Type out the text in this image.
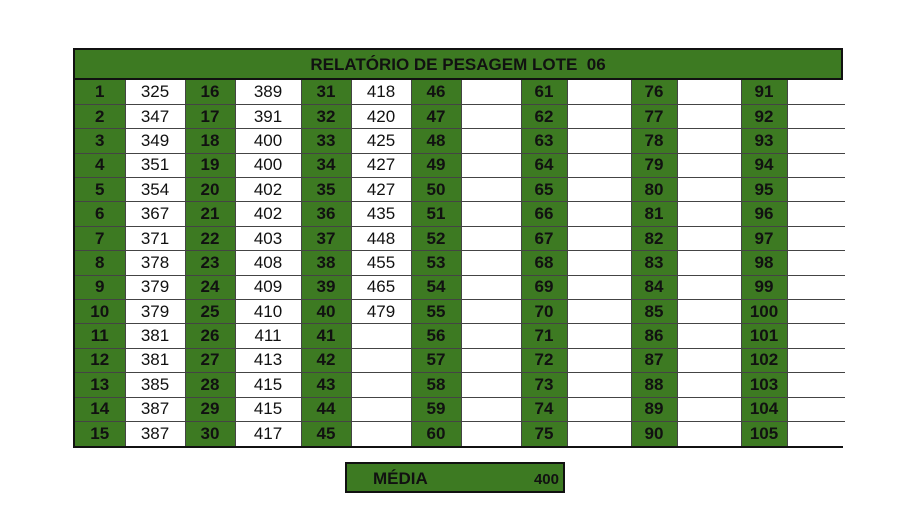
RELATÓRIO DE PESAGEM LOTE  06
1	325	16	389	31	418	46		61		76		91	
2	347	17	391	32	420	47		62		77		92	
3	349	18	400	33	425	48		63		78		93	
4	351	19	400	34	427	49		64		79		94	
5	354	20	402	35	427	50		65		80		95	
6	367	21	402	36	435	51		66		81		96	
7	371	22	403	37	448	52		67		82		97	
8	378	23	408	38	455	53		68		83		98	
9	379	24	409	39	465	54		69		84		99	
10	379	25	410	40	479	55		70		85		100	
11	381	26	411	41		56		71		86		101	
12	381	27	413	42		57		72		87		102	
13	385	28	415	43		58		73		88		103	
14	387	29	415	44		59		74		89		104	
15	387	30	417	45		60		75		90		105	
MÉDIA	400
